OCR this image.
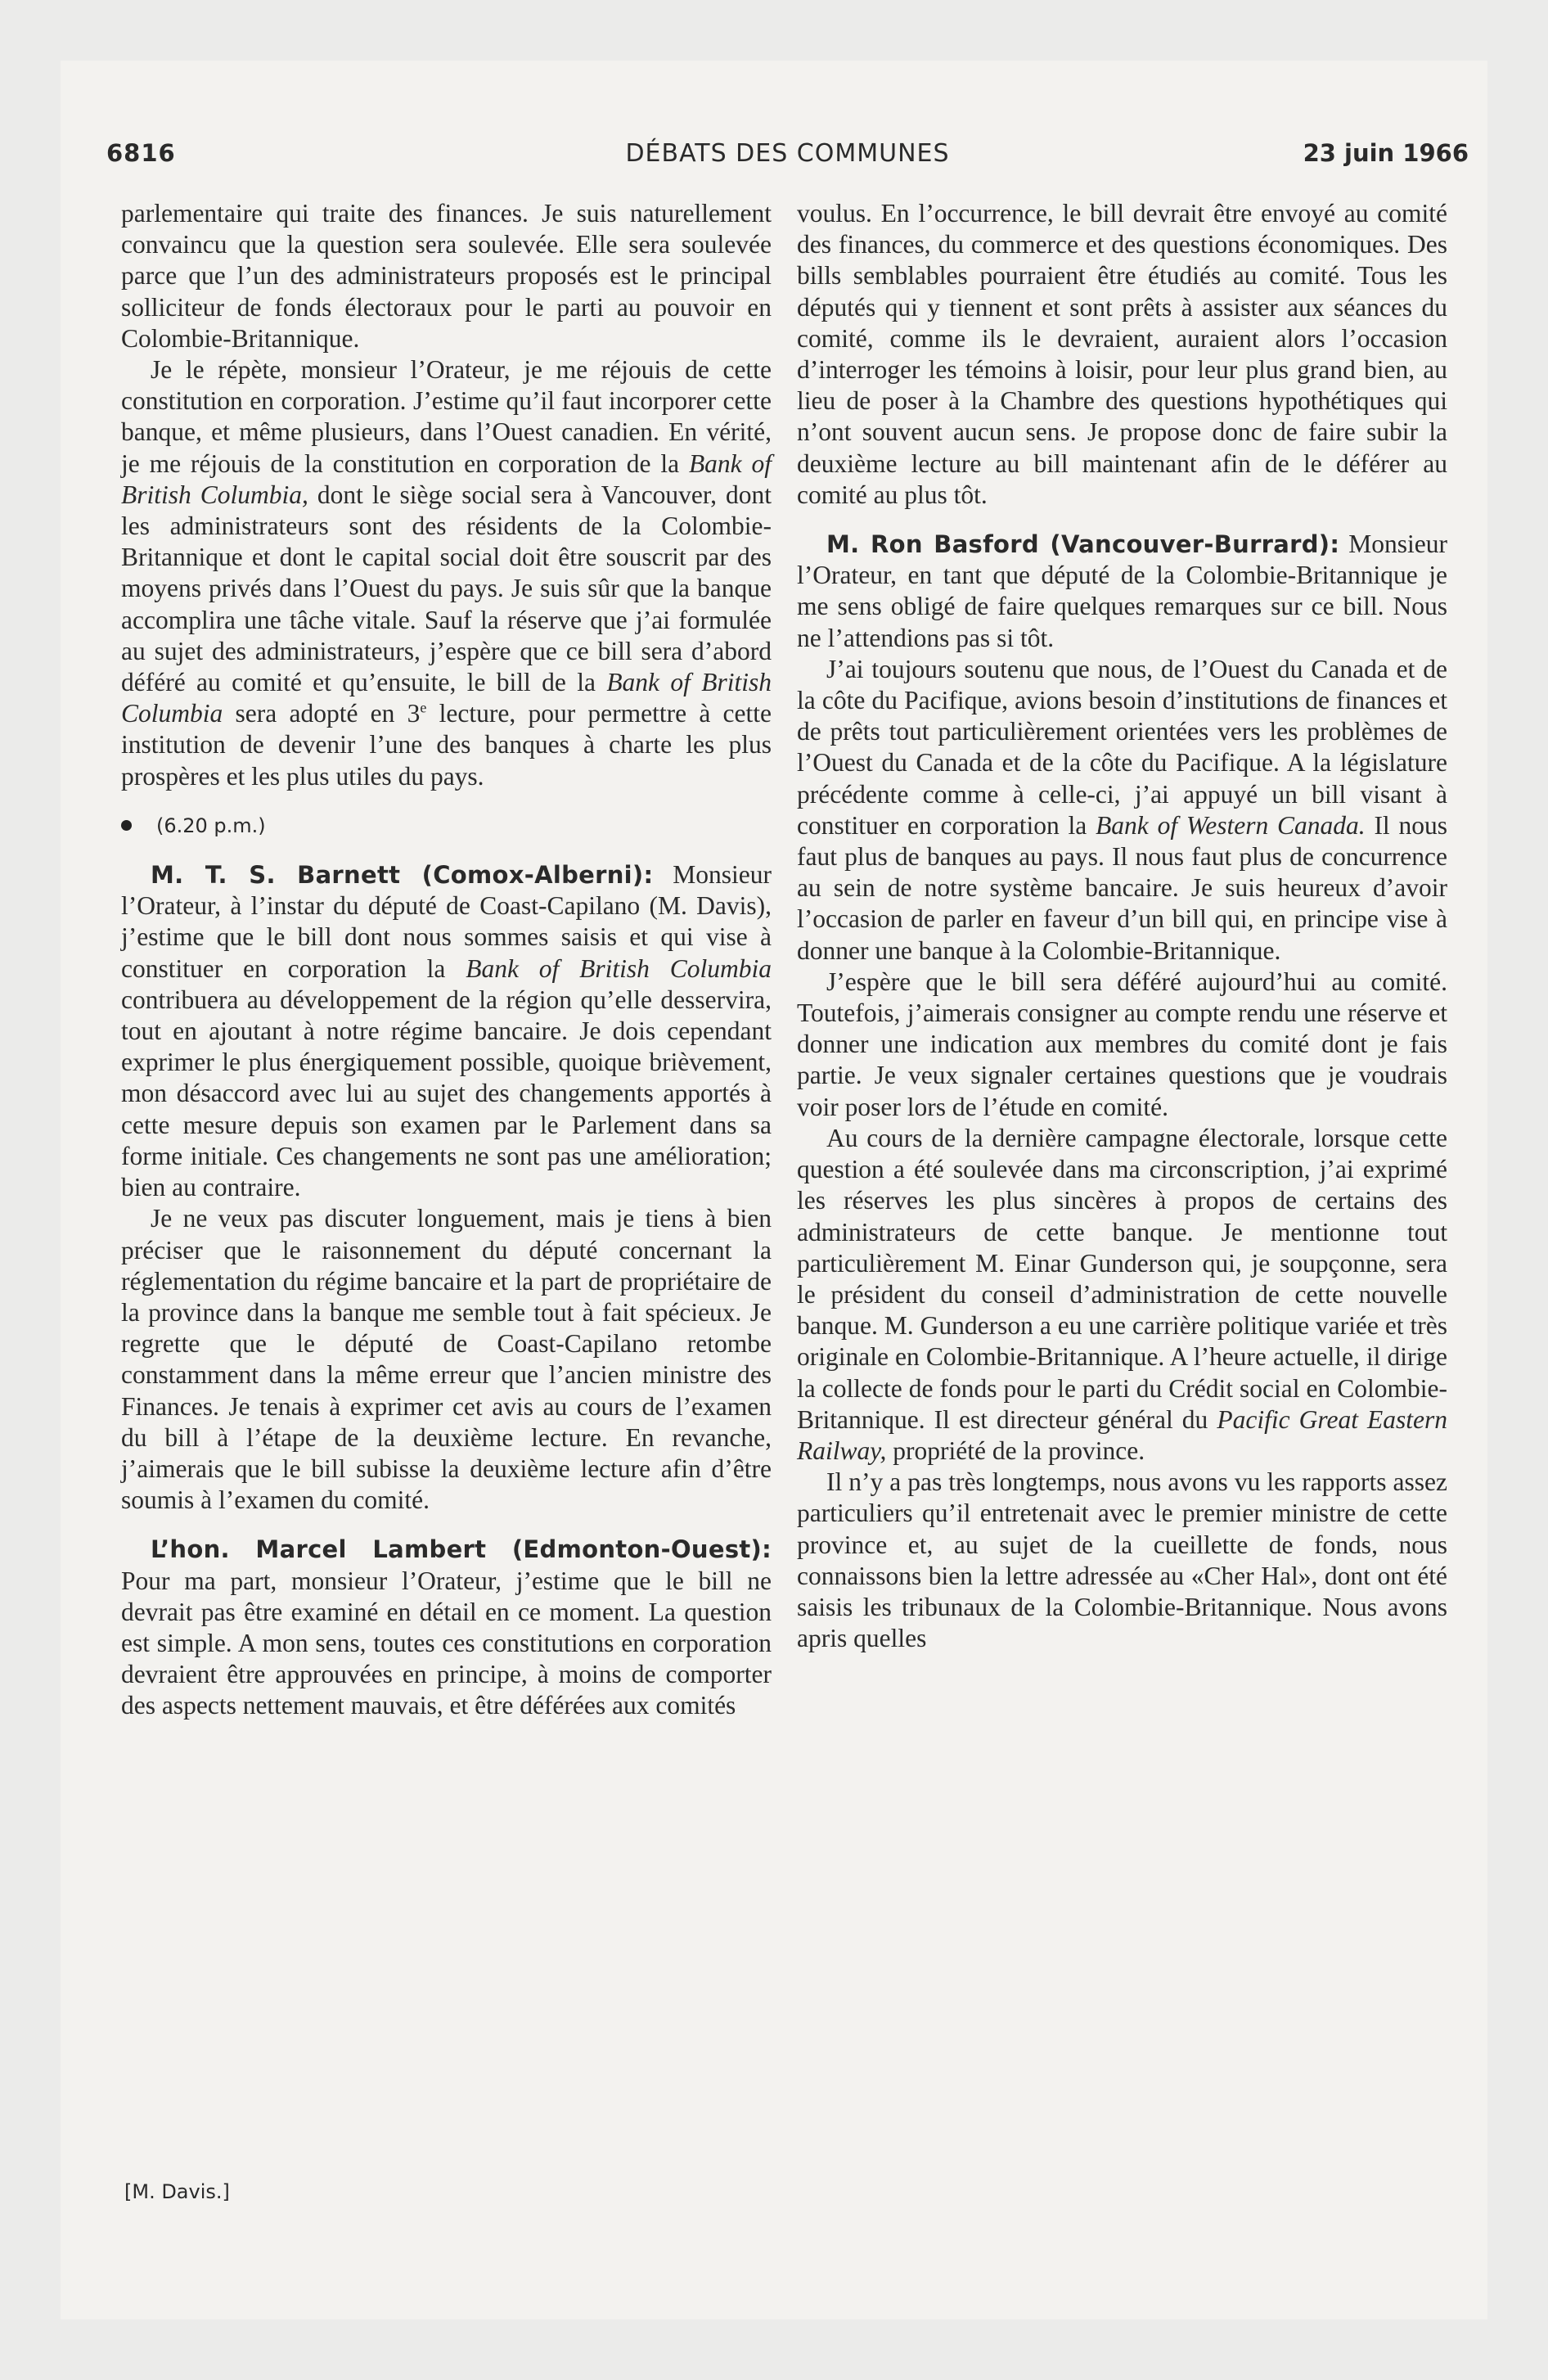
6816	DÉBATS DES COMMUNES	23 juin 1966

parlementaire qui traite des finances. Je suis naturellement convaincu que la question sera soulevée. Elle sera soulevée parce que l’un des administrateurs proposés est le principal solliciteur de fonds électoraux pour le parti au pouvoir en Colombie-Britannique.

Je le répète, monsieur l’Orateur, je me réjouis de cette constitution en corporation. J’estime qu’il faut incorporer cette banque, et même plusieurs, dans l’Ouest canadien. En vérité, je me réjouis de la constitution en corporation de la Bank of British Columbia, dont le siège social sera à Vancouver, dont les administrateurs sont des résidents de la Colombie-Britannique et dont le capital social doit être souscrit par des moyens privés dans l’Ouest du pays. Je suis sûr que la banque accomplira une tâche vitale. Sauf la réserve que j’ai formulée au sujet des administrateurs, j’espère que ce bill sera d’abord déféré au comité et qu’ensuite, le bill de la Bank of British Columbia sera adopté en 3e lecture, pour permettre à cette institution de devenir l’une des banques à charte les plus prospères et les plus utiles du pays.

(6.20 p.m.)

M. T. S. Barnett (Comox-Alberni): Monsieur l’Orateur, à l’instar du député de Coast-Capilano (M. Davis), j’estime que le bill dont nous sommes saisis et qui vise à constituer en corporation la Bank of British Columbia contribuera au développement de la région qu’elle desservira, tout en ajoutant à notre régime bancaire. Je dois cependant exprimer le plus énergiquement possible, quoique brièvement, mon désaccord avec lui au sujet des changements apportés à cette mesure depuis son examen par le Parlement dans sa forme initiale. Ces changements ne sont pas une amélioration; bien au contraire.

Je ne veux pas discuter longuement, mais je tiens à bien préciser que le raisonnement du député concernant la réglementation du régime bancaire et la part de propriétaire de la province dans la banque me semble tout à fait spécieux. Je regrette que le député de Coast-Capilano retombe constamment dans la même erreur que l’ancien ministre des Finances. Je tenais à exprimer cet avis au cours de l’examen du bill à l’étape de la deuxième lecture. En revanche, j’aimerais que le bill subisse la deuxième lecture afin d’être soumis à l’examen du comité.

L’hon. Marcel Lambert (Edmonton-Ouest): Pour ma part, monsieur l’Orateur, j’estime que le bill ne devrait pas être examiné en détail en ce moment. La question est simple. A mon sens, toutes ces constitutions en corporation devraient être approuvées en principe, à moins de comporter des aspects nettement mauvais, et être déférées aux comités

[M. Davis.]

voulus. En l’occurrence, le bill devrait être envoyé au comité des finances, du commerce et des questions économiques. Des bills semblables pourraient être étudiés au comité. Tous les députés qui y tiennent et sont prêts à assister aux séances du comité, comme ils le devraient, auraient alors l’occasion d’interroger les témoins à loisir, pour leur plus grand bien, au lieu de poser à la Chambre des questions hypothétiques qui n’ont souvent aucun sens. Je propose donc de faire subir la deuxième lecture au bill maintenant afin de le déférer au comité au plus tôt.

M. Ron Basford (Vancouver-Burrard): Monsieur l’Orateur, en tant que député de la Colombie-Britannique je me sens obligé de faire quelques remarques sur ce bill. Nous ne l’attendions pas si tôt.

J’ai toujours soutenu que nous, de l’Ouest du Canada et de la côte du Pacifique, avions besoin d’institutions de finances et de prêts tout particulièrement orientées vers les problèmes de l’Ouest du Canada et de la côte du Pacifique. A la législature précédente comme à celle-ci, j’ai appuyé un bill visant à constituer en corporation la Bank of Western Canada. Il nous faut plus de banques au pays. Il nous faut plus de concurrence au sein de notre système bancaire. Je suis heureux d’avoir l’occasion de parler en faveur d’un bill qui, en principe vise à donner une banque à la Colombie-Britannique.

J’espère que le bill sera déféré aujourd’hui au comité. Toutefois, j’aimerais consigner au compte rendu une réserve et donner une indication aux membres du comité dont je fais partie. Je veux signaler certaines questions que je voudrais voir poser lors de l’étude en comité.

Au cours de la dernière campagne électorale, lorsque cette question a été soulevée dans ma circonscription, j’ai exprimé les réserves les plus sincères à propos de certains des administrateurs de cette banque. Je mentionne tout particulièrement M. Einar Gunderson qui, je soupçonne, sera le président du conseil d’administration de cette nouvelle banque. M. Gunderson a eu une carrière politique variée et très originale en Colombie-Britannique. A l’heure actuelle, il dirige la collecte de fonds pour le parti du Crédit social en Colombie-Britannique. Il est directeur général du Pacific Great Eastern Railway, propriété de la province.

Il n’y a pas très longtemps, nous avons vu les rapports assez particuliers qu’il entretenait avec le premier ministre de cette province et, au sujet de la cueillette de fonds, nous connaissons bien la lettre adressée au «Cher Hal», dont ont été saisis les tribunaux de la Colombie-Britannique. Nous avons apris quelles
